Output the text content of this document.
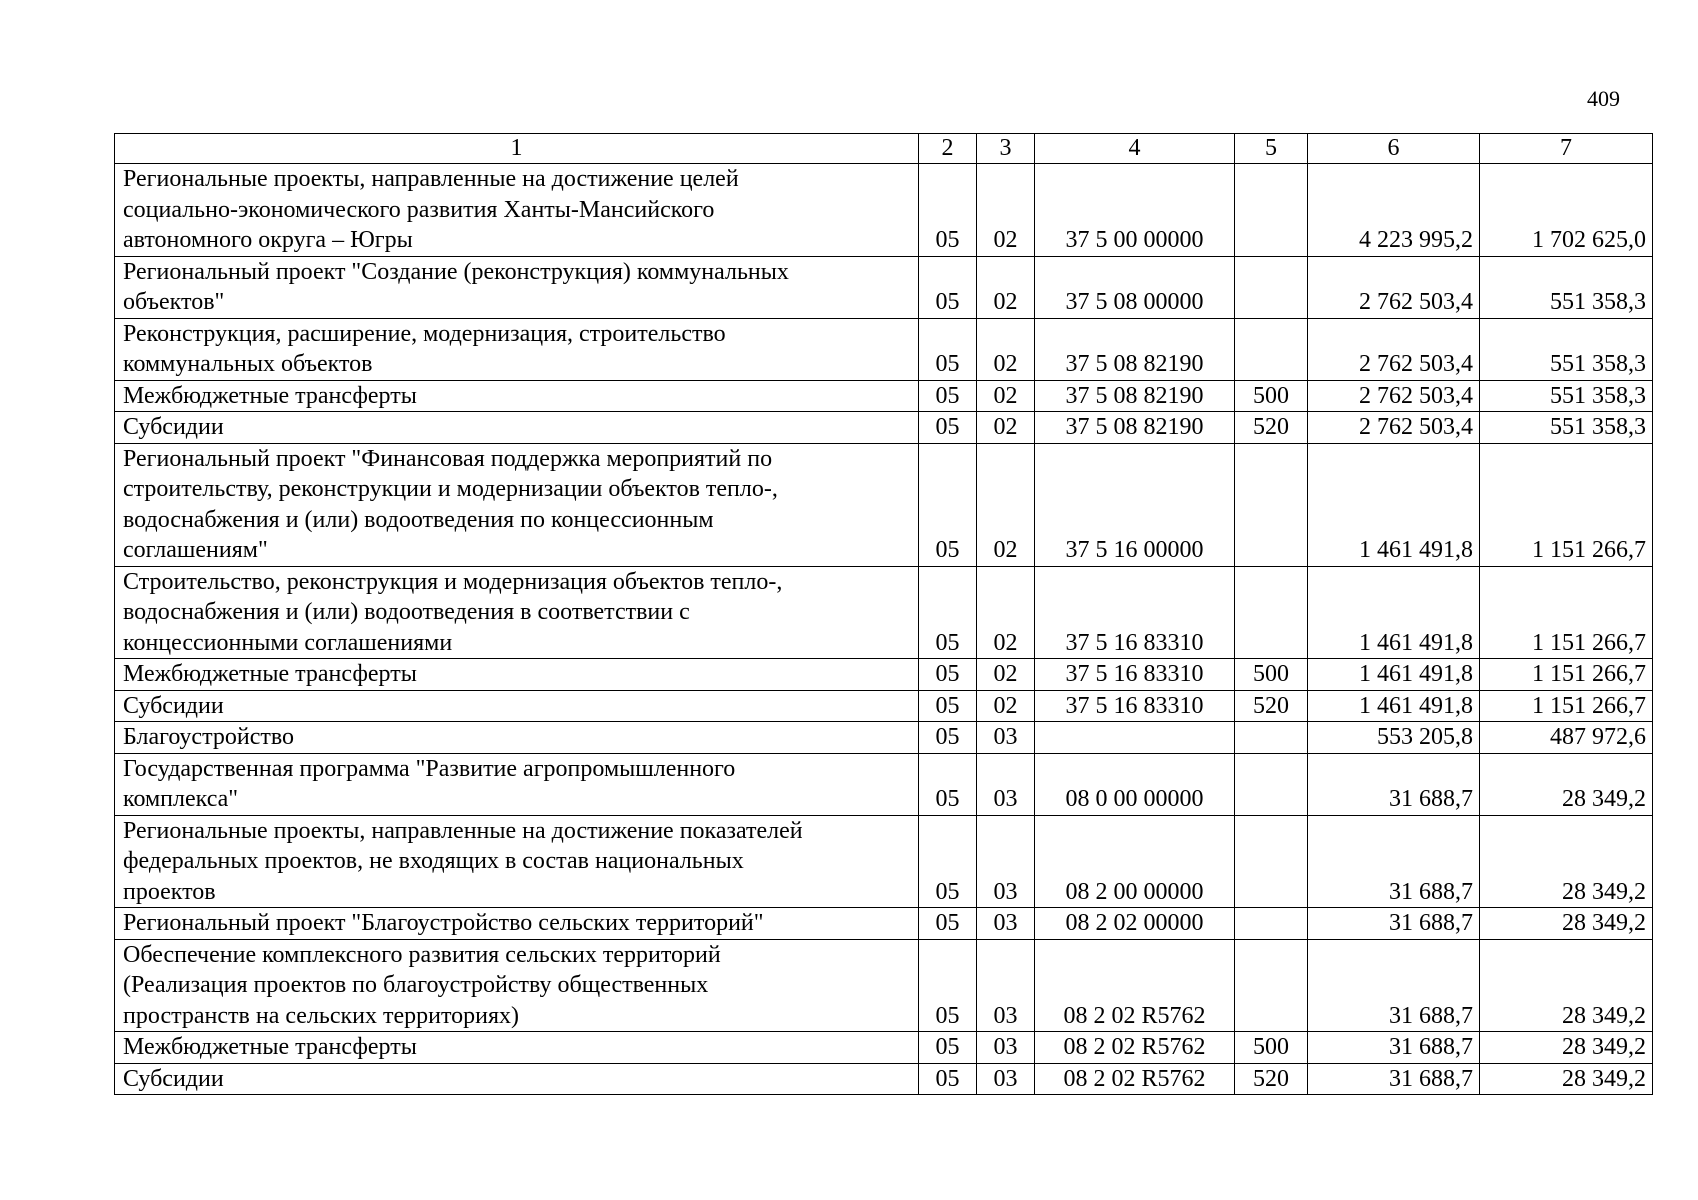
409
1	2	3	4	5	6	7
Региональные проекты, направленные на достижение целей
социально-экономического развития Ханты-Мансийского
автономного округа – Югры	05	02	37 5 00 00000		4 223 995,2	1 702 625,0
Региональный проект "Создание (реконструкция) коммунальных
объектов"	05	02	37 5 08 00000		2 762 503,4	551 358,3
Реконструкция, расширение, модернизация, строительство
коммунальных объектов	05	02	37 5 08 82190		2 762 503,4	551 358,3
Межбюджетные трансферты	05	02	37 5 08 82190	500	2 762 503,4	551 358,3
Субсидии	05	02	37 5 08 82190	520	2 762 503,4	551 358,3
Региональный проект "Финансовая поддержка мероприятий по
строительству, реконструкции и модернизации объектов тепло-,
водоснабжения и (или) водоотведения по концессионным
соглашениям"	05	02	37 5 16 00000		1 461 491,8	1 151 266,7
Строительство, реконструкция и модернизация объектов тепло-,
водоснабжения и (или) водоотведения в соответствии с
концессионными соглашениями	05	02	37 5 16 83310		1 461 491,8	1 151 266,7
Межбюджетные трансферты	05	02	37 5 16 83310	500	1 461 491,8	1 151 266,7
Субсидии	05	02	37 5 16 83310	520	1 461 491,8	1 151 266,7
Благоустройство	05	03			553 205,8	487 972,6
Государственная программа "Развитие агропромышленного
комплекса"	05	03	08 0 00 00000		31 688,7	28 349,2
Региональные проекты, направленные на достижение показателей
федеральных проектов, не входящих в состав национальных
проектов	05	03	08 2 00 00000		31 688,7	28 349,2
Региональный проект "Благоустройство сельских территорий"	05	03	08 2 02 00000		31 688,7	28 349,2
Обеспечение комплексного развития сельских территорий
(Реализация проектов по благоустройству общественных
пространств на сельских территориях)	05	03	08 2 02 R5762		31 688,7	28 349,2
Межбюджетные трансферты	05	03	08 2 02 R5762	500	31 688,7	28 349,2
Субсидии	05	03	08 2 02 R5762	520	31 688,7	28 349,2
